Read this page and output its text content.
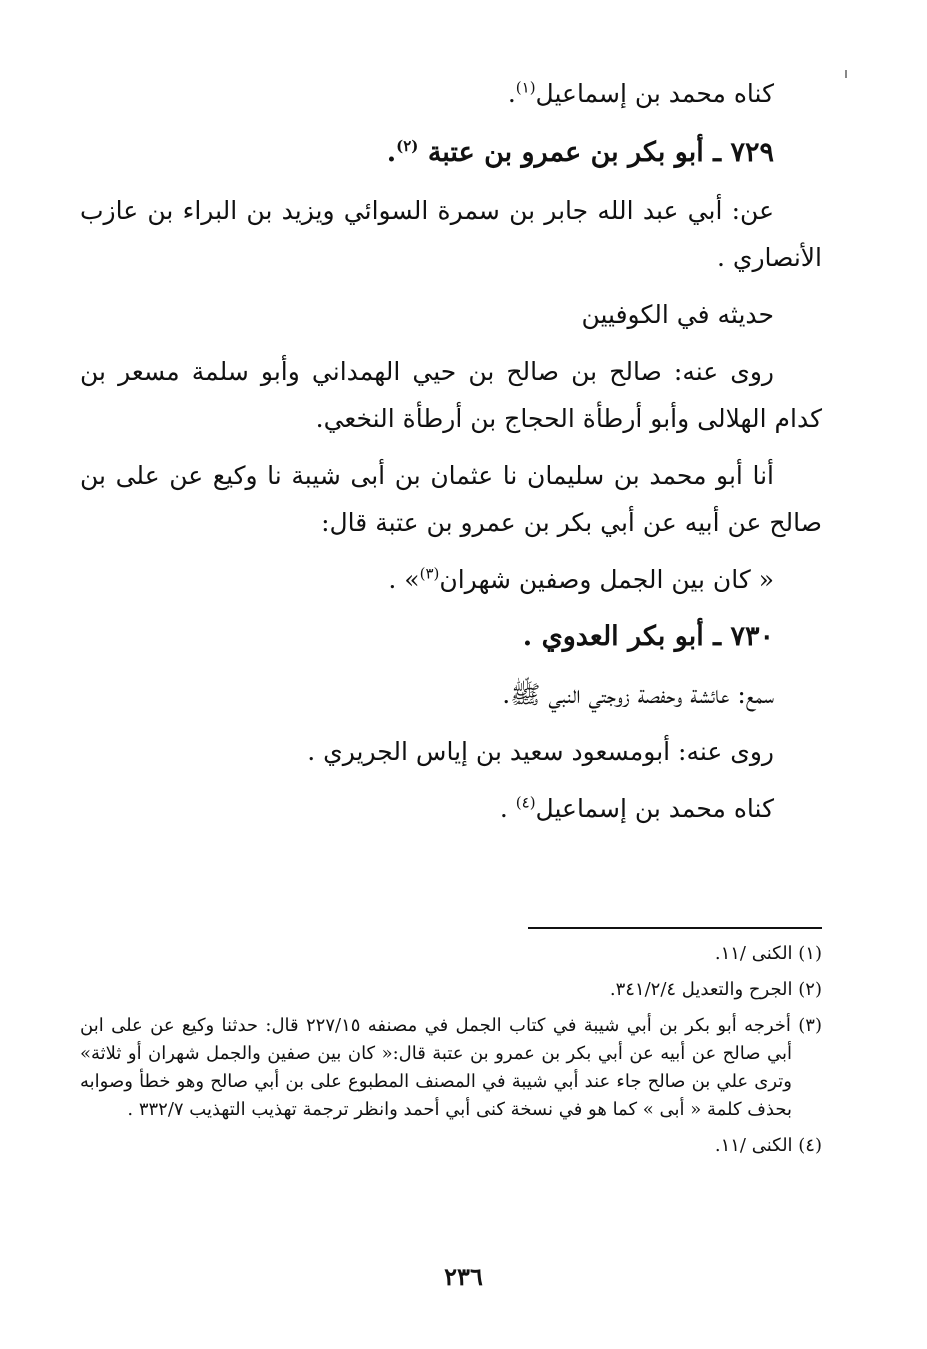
كناه محمد بن إسماعيل$^{(١)}$.
٧٢٩ ـ أبو بكر بن عمرو بن عتبة $^{(٢)}$.
عن: أبي عبد الله جابر بن سمرة السوائي ويزيد بن البراء بن عازب الأنصاري .
حديثه في الكوفيين
روى عنه: صالح بن صالح بن حيي الهمداني وأبو سلمة مسعر بن كدام الهلالى وأبو أرطأة الحجاج بن أرطأة النخعي.
أنا أبو محمد بن سليمان نا عثمان بن أبى شيبة نا وكيع عن على بن صالح عن أبيه عن أبي بكر بن عمرو بن عتبة قال:
« كان بين الجمل وصفين شهران$^{(٣)}$» .
٧٣٠ ـ أبو بكر العدوي .
سمع: عائشة وحفصة زوجتي النبي ﷺ.
روى عنه: أبومسعود سعيد بن إياس الجريري .
كناه محمد بن إسماعيل$^{(٤)}$ .
(١) الكنى /١١.
(٢) الجرح والتعديل ٣٤١/٢/٤.
(٣) أخرجه أبو بكر بن أبي شيبة في كتاب الجمل في مصنفه ٢٢٧/١٥ قال: حدثنا وكيع عن على ابن أبي صالح عن أبيه عن أبي بكر بن عمرو بن عتبة قال:« كان بين صفين والجمل شهران أو ثلاثة» وترى علي بن صالح جاء عند أبي شيبة في المصنف المطبوع على بن أبي صالح وهو خطأ وصوابه بحذف كلمة « أبى » كما هو في نسخة كنى أبي أحمد وانظر ترجمة تهذيب التهذيب ٣٣٢/٧ .
(٤) الكنى /١١.
٢٣٦
